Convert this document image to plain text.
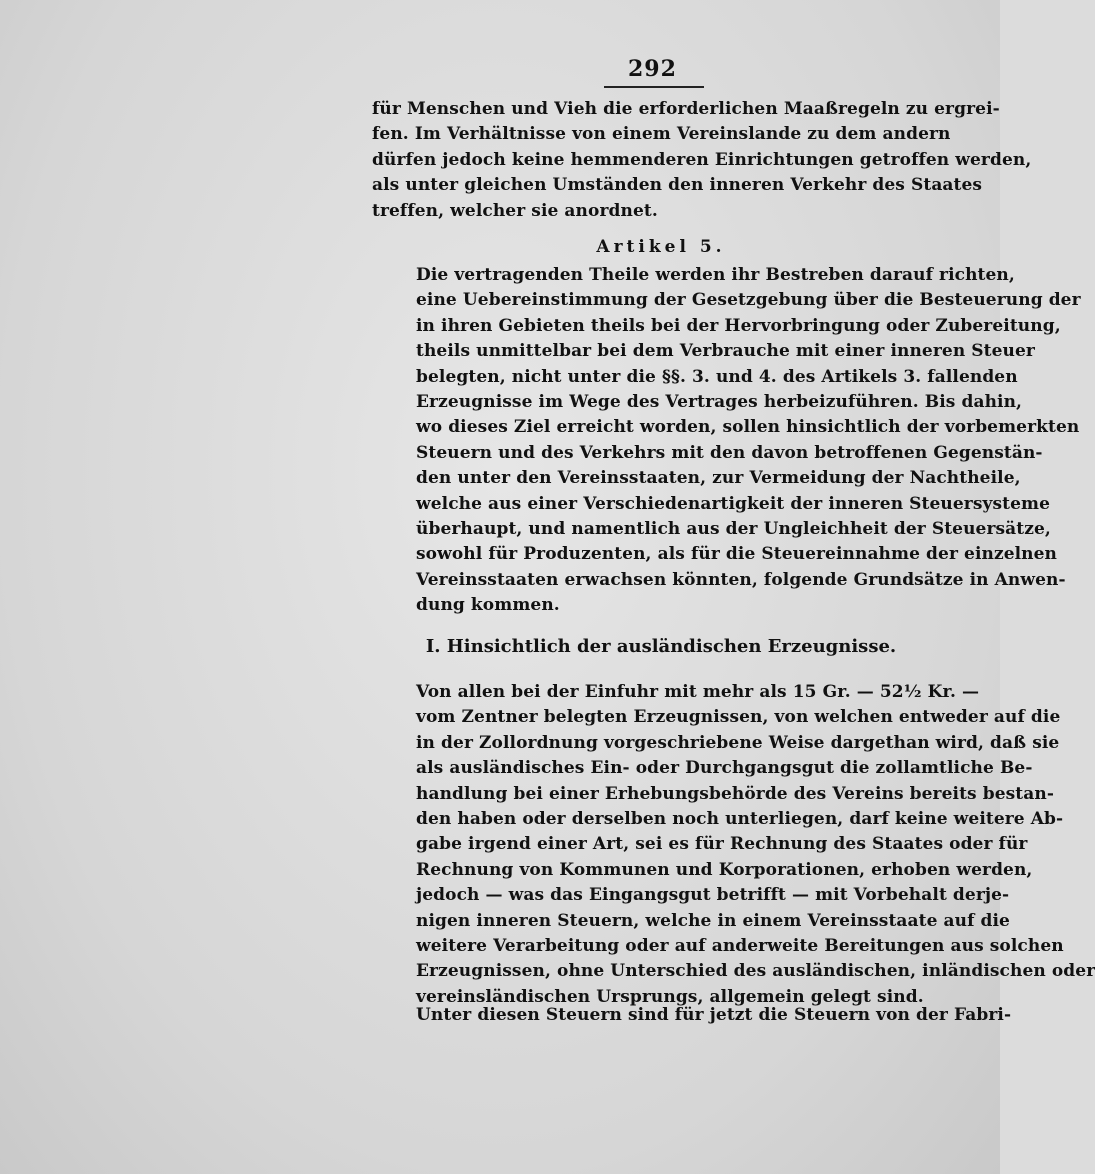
292
für Menschen und Vieh die erforderlichen Maaßregeln zu ergrei-
fen. Im Verhältnisse von einem Vereinslande zu dem andern
dürfen jedoch keine hemmenderen Einrichtungen getroffen werden,
als unter gleichen Umständen den inneren Verkehr des Staates
treffen, welcher sie anordnet.
Artikel 5.
Die vertragenden Theile werden ihr Bestreben darauf richten,
eine Uebereinstimmung der Gesetzgebung über die Besteuerung der
in ihren Gebieten theils bei der Hervorbringung oder Zubereitung,
theils unmittelbar bei dem Verbrauche mit einer inneren Steuer
belegten, nicht unter die §§. 3. und 4. des Artikels 3. fallenden
Erzeugnisse im Wege des Vertrages herbeizuführen. Bis dahin,
wo dieses Ziel erreicht worden, sollen hinsichtlich der vorbemerkten
Steuern und des Verkehrs mit den davon betroffenen Gegenstän-
den unter den Vereinsstaaten, zur Vermeidung der Nachtheile,
welche aus einer Verschiedenartigkeit der inneren Steuersysteme
überhaupt, und namentlich aus der Ungleichheit der Steuersätze,
sowohl für Produzenten, als für die Steuereinnahme der einzelnen
Vereinsstaaten erwachsen könnten, folgende Grundsätze in Anwen-
dung kommen.
I. Hinsichtlich der ausländischen Erzeugnisse.
Von allen bei der Einfuhr mit mehr als 15 Gr. — 52½ Kr. —
vom Zentner belegten Erzeugnissen, von welchen entweder auf die
in der Zollordnung vorgeschriebene Weise dargethan wird, daß sie
als ausländisches Ein- oder Durchgangsgut die zollamtliche Be-
handlung bei einer Erhebungsbehörde des Vereins bereits bestan-
den haben oder derselben noch unterliegen, darf keine weitere Ab-
gabe irgend einer Art, sei es für Rechnung des Staates oder für
Rechnung von Kommunen und Korporationen, erhoben werden,
jedoch — was das Eingangsgut betrifft — mit Vorbehalt derje-
nigen inneren Steuern, welche in einem Vereinsstaate auf die
weitere Verarbeitung oder auf anderweite Bereitungen aus solchen
Erzeugnissen, ohne Unterschied des ausländischen, inländischen oder
vereinsländischen Ursprungs, allgemein gelegt sind.
Unter diesen Steuern sind für jetzt die Steuern von der Fabri-
